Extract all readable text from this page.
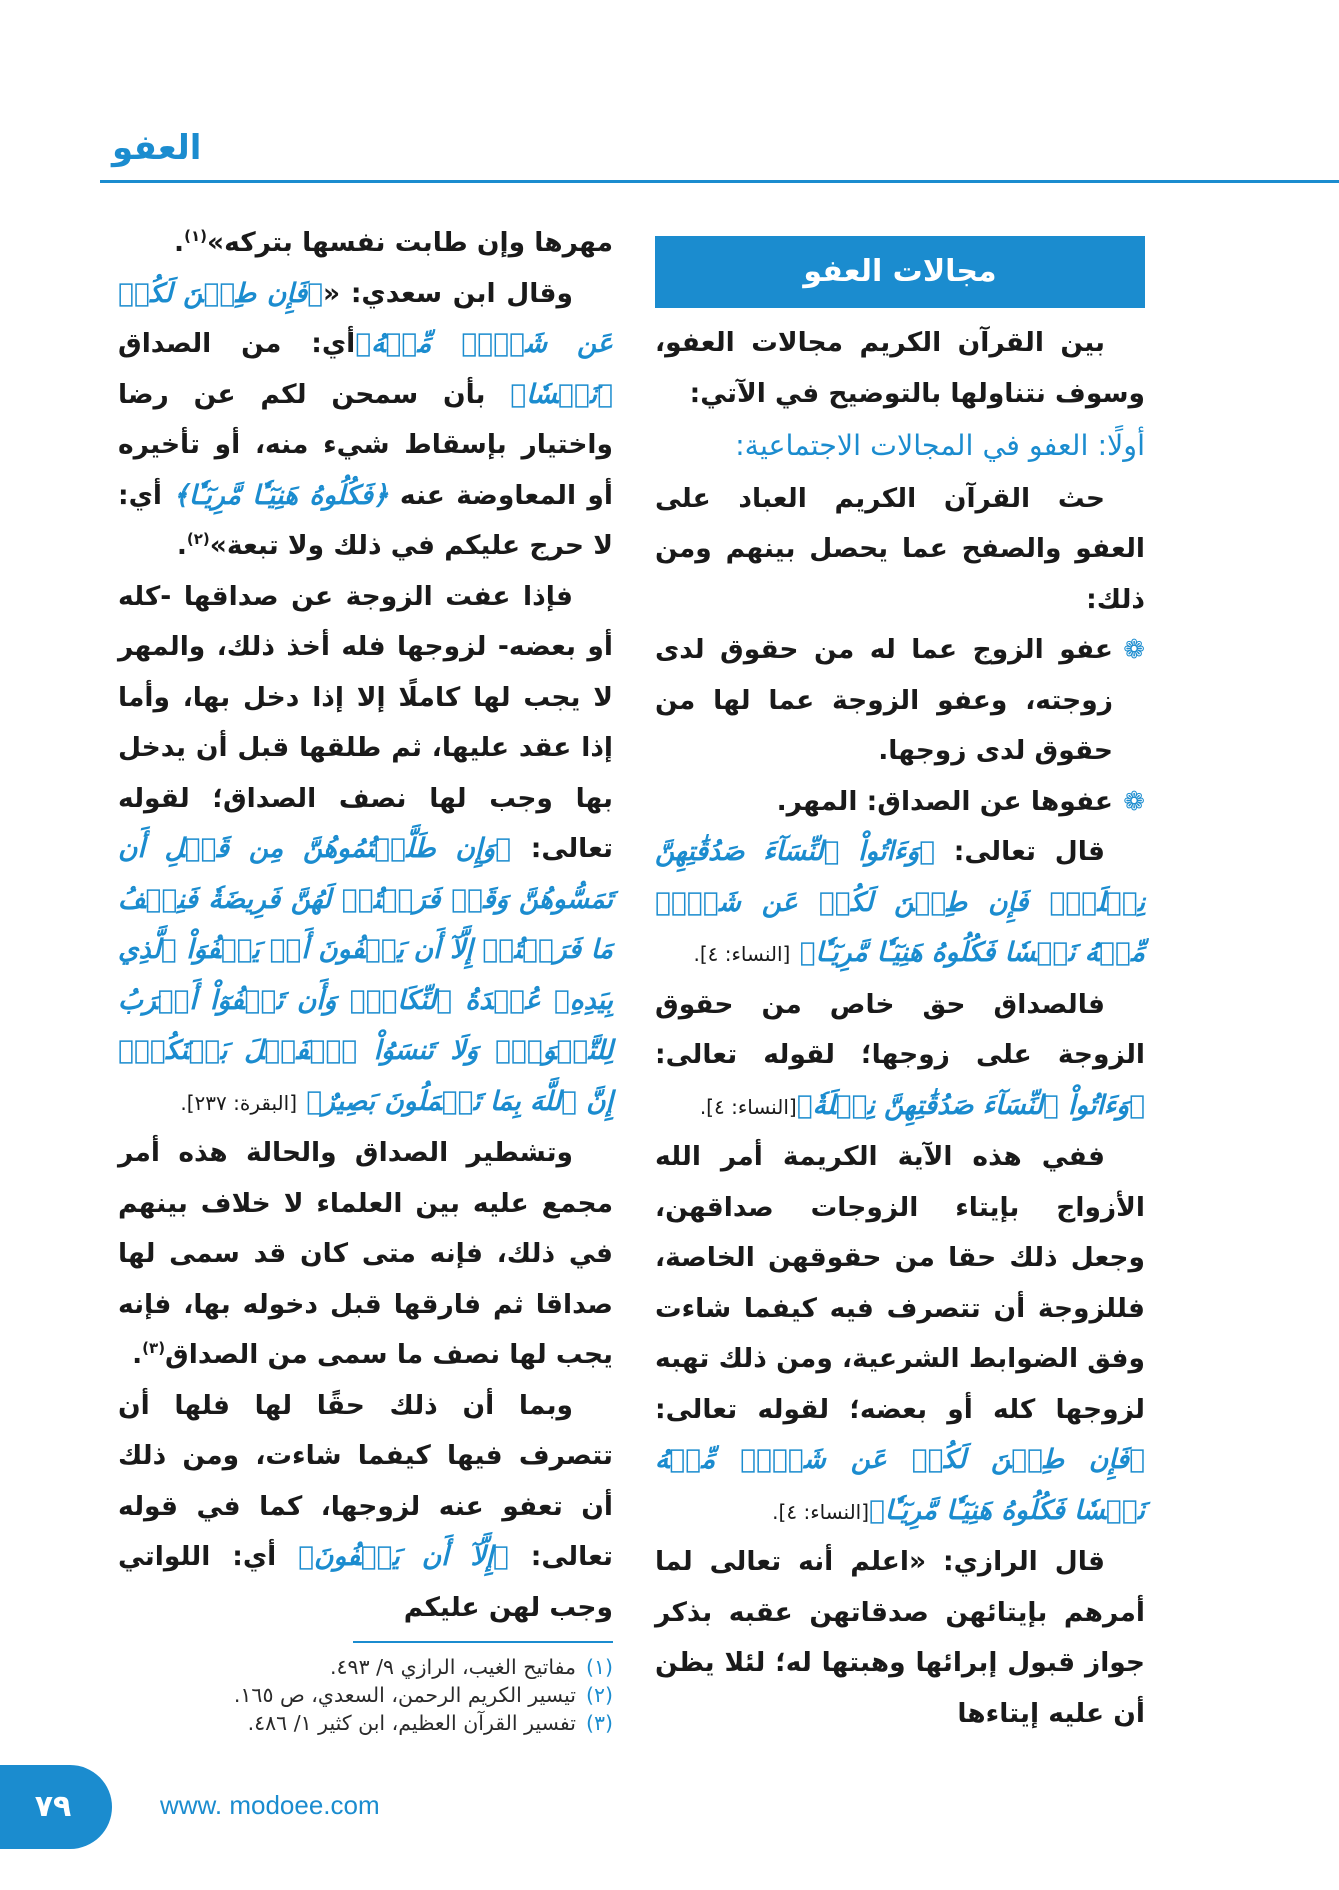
العفو
مجالات العفو

بين القرآن الكريم مجالات العفو، وسوف نتناولها بالتوضيح في الآتي:

أولًا: العفو في المجالات الاجتماعية:

حث القرآن الكريم العباد على العفو والصفح عما يحصل بينهم ومن ذلك:

❁
عفو الزوج عما له من حقوق لدى زوجته، وعفو الزوجة عما لها من حقوق لدى زوجها.

❁
عفوها عن الصداق: المهر.

قال تعالى: ﴿وَءَاتُواْ ٱلنِّسَآءَ صَدُقَٰتِهِنَّ نِحۡلَةٗۚ فَإِن طِبۡنَ لَكُمۡ عَن شَيۡءٖ مِّنۡهُ نَفۡسٗا فَكُلُوهُ هَنِيٓـٔٗا مَّرِيٓـٔٗا﴾ [النساء: ٤].

فالصداق حق خاص من حقوق الزوجة على زوجها؛ لقوله تعالى: ﴿وَءَاتُواْ ٱلنِّسَآءَ صَدُقَٰتِهِنَّ نِحۡلَةٗ﴾[النساء: ٤].

ففي هذه الآية الكريمة أمر الله الأزواج بإيتاء الزوجات صداقهن، وجعل ذلك حقا من حقوقهن الخاصة، فللزوجة أن تتصرف فيه كيفما شاءت وفق الضوابط الشرعية، ومن ذلك تهبه لزوجها كله أو بعضه؛ لقوله تعالى: ﴿فَإِن طِبۡنَ لَكُمۡ عَن شَيۡءٖ مِّنۡهُ نَفۡسٗا فَكُلُوهُ هَنِيٓـٔٗا مَّرِيٓـٔٗا﴾[النساء: ٤].

قال الرازي: «اعلم أنه تعالى لما أمرهم بإيتائهن صدقاتهن عقبه بذكر جواز قبول إبرائها وهبتها له؛ لئلا يظن أن عليه إيتاءها

مهرها وإن طابت نفسها بتركه»$^{(١)}$.

وقال ابن سعدي: «﴿فَإِن طِبۡنَ لَكُمۡ عَن شَيۡءٖ مِّنۡهُ﴾أي: من الصداق ﴿نَفۡسٗا﴾ بأن سمحن لكم عن رضا واختيار بإسقاط شيء منه، أو تأخيره أو المعاوضة عنه ﴿فَكُلُوهُ هَنِيٓـٔٗا مَّرِيٓـٔٗا﴾ أي: لا حرج عليكم في ذلك ولا تبعة»$^{(٢)}$.

فإذا عفت الزوجة عن صداقها -كله أو بعضه- لزوجها فله أخذ ذلك، والمهر لا يجب لها كاملًا إلا إذا دخل بها، وأما إذا عقد عليها، ثم طلقها قبل أن يدخل بها وجب لها نصف الصداق؛ لقوله تعالى: ﴿وَإِن طَلَّقۡتُمُوهُنَّ مِن قَبۡلِ أَن تَمَسُّوهُنَّ وَقَدۡ فَرَضۡتُمۡ لَهُنَّ فَرِيضَةٗ فَنِصۡفُ مَا فَرَضۡتُمۡ إِلَّآ أَن يَعۡفُونَ أَوۡ يَعۡفُوَاْ ٱلَّذِي بِيَدِهِۦ عُقۡدَةُ ٱلنِّكَاحِۚ وَأَن تَعۡفُوٓاْ أَقۡرَبُ لِلتَّقۡوَىٰۚ وَلَا تَنسَوُاْ ٱلۡفَضۡلَ بَيۡنَكُمۡۚ إِنَّ ٱللَّهَ بِمَا تَعۡمَلُونَ بَصِيرٌ﴾ [البقرة: ٢٣٧].

وتشطير الصداق والحالة هذه أمر مجمع عليه بين العلماء لا خلاف بينهم في ذلك، فإنه متى كان قد سمى لها صداقا ثم فارقها قبل دخوله بها، فإنه يجب لها نصف ما سمى من الصداق$^{(٣)}$.

وبما أن ذلك حقًا لها فلها أن تتصرف فيها كيفما شاءت، ومن ذلك أن تعفو عنه لزوجها، كما في قوله تعالى: ﴿إِلَّآ أَن يَعۡفُونَ﴾ أي: اللواتي وجب لهن عليكم

(١)مفاتيح الغيب، الرازي ٩/ ٤٩٣.
(٢)تيسير الكريم الرحمن، السعدي، ص ١٦٥.
(٣)تفسير القرآن العظيم، ابن كثير ١/ ٤٨٦.
٧٩	www. modoee.com
